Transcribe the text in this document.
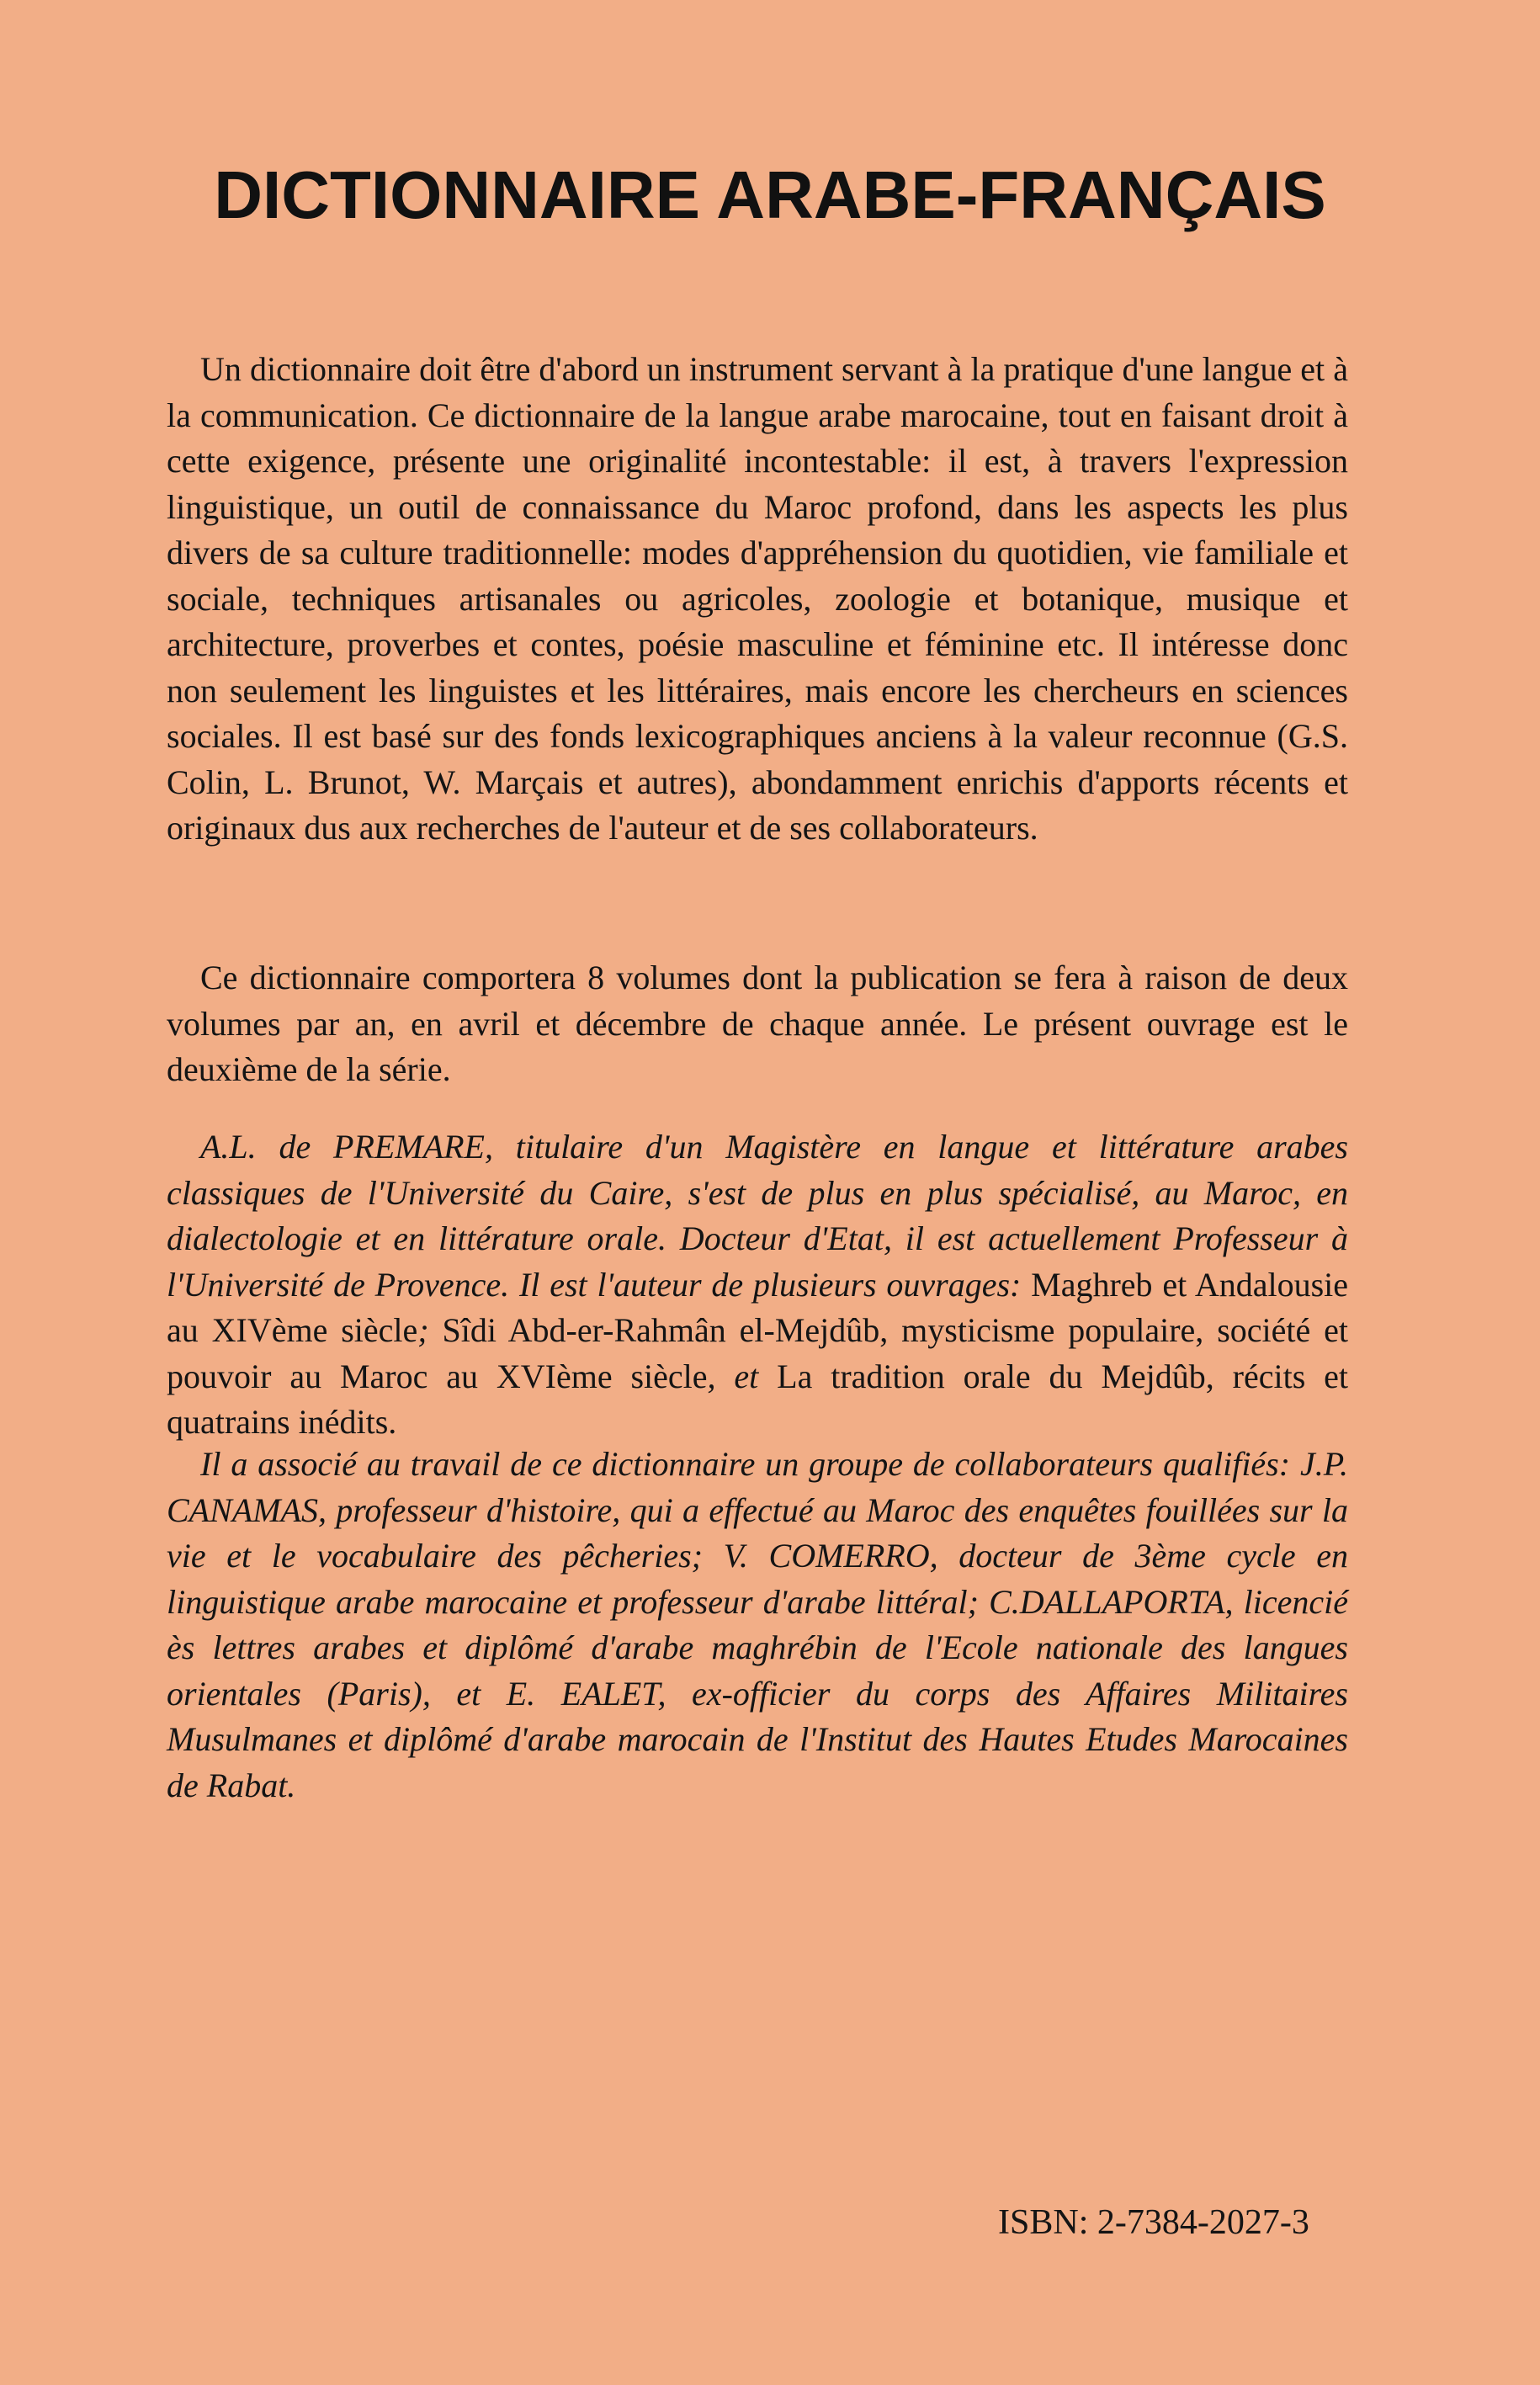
DICTIONNAIRE ARABE-FRANÇAIS

Un dictionnaire doit être d'abord un instrument servant à la pratique d'une langue et à la communication. Ce dictionnaire de la langue arabe marocaine, tout en faisant droit à cette exigence, présente une originalité incontestable: il est, à travers l'expression linguistique, un outil de connaissance du Maroc profond, dans les aspects les plus divers de sa culture traditionnelle: modes d'appréhension du quotidien, vie familiale et sociale, techniques artisanales ou agricoles, zoologie et botanique, musique et architecture, proverbes et contes, poésie masculine et féminine etc. Il intéresse donc non seulement les linguistes et les littéraires, mais encore les chercheurs en sciences sociales. Il est basé sur des fonds lexicographiques anciens à la valeur reconnue (G.S. Colin, L. Brunot, W. Marçais et autres), abondamment enrichis d'apports récents et originaux dus aux recherches de l'auteur et de ses collaborateurs.

Ce dictionnaire comportera 8 volumes dont la publication se fera à raison de deux volumes par an, en avril et décembre de chaque année. Le présent ouvrage est le deuxième de la série.

A.L. de PREMARE, titulaire d'un Magistère en langue et littérature arabes classiques de l'Université du Caire, s'est de plus en plus spécialisé, au Maroc, en dialectologie et en littérature orale. Docteur d'Etat, il est actuellement Professeur à l'Université de Provence. Il est l'auteur de plusieurs ouvrages: Maghreb et Andalousie au XIVème siècle; Sîdi Abd-er-Rahmân el-Mejdûb, mysticisme populaire, société et pouvoir au Maroc au XVIème siècle, et La tradition orale du Mejdûb, récits et quatrains inédits.

Il a associé au travail de ce dictionnaire un groupe de collaborateurs qualifiés: J.P. CANAMAS, professeur d'histoire, qui a effectué au Maroc des enquêtes fouillées sur la vie et le vocabulaire des pêcheries; V. COMERRO, docteur de 3ème cycle en linguistique arabe marocaine et professeur d'arabe littéral; C.DALLAPORTA, licencié ès lettres arabes et diplômé d'arabe maghrébin de l'Ecole nationale des langues orientales (Paris), et E. EALET, ex-officier du corps des Affaires Militaires Musulmanes et diplômé d'arabe marocain de l'Institut des Hautes Etudes Marocaines de Rabat.

ISBN: 2-7384-2027-3
